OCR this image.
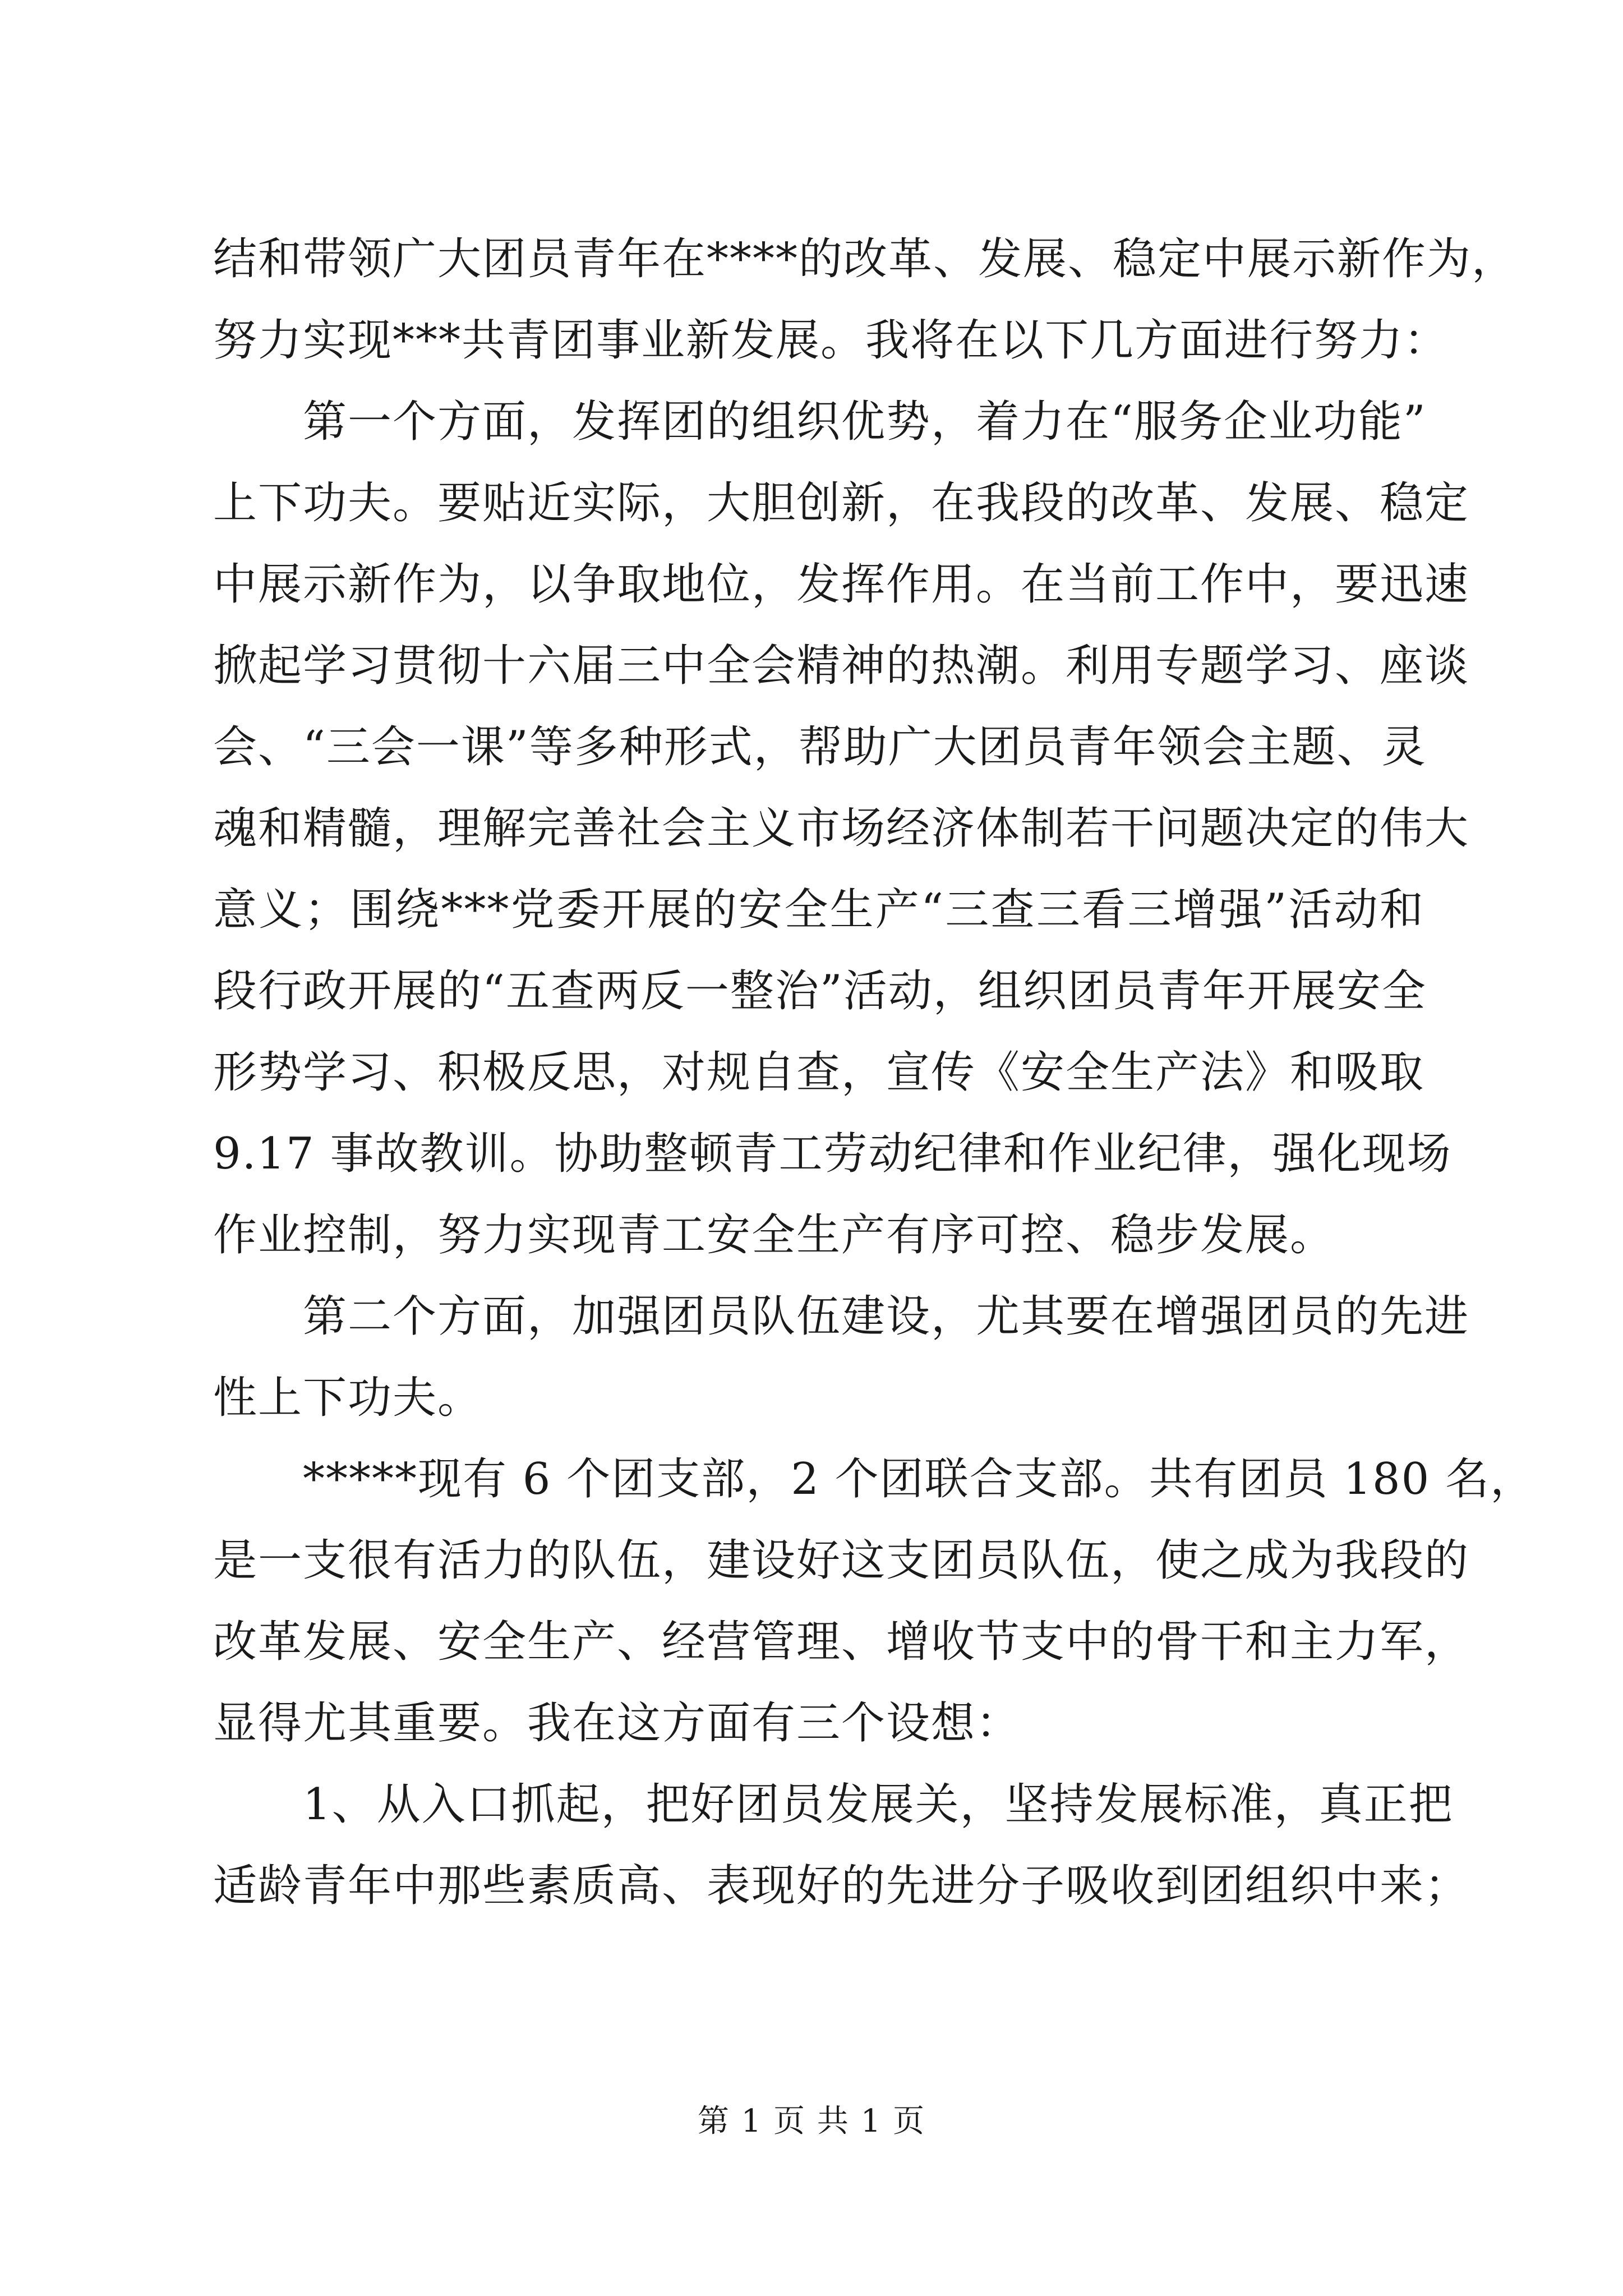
结和带领广大团员青年在****的改革、发展、稳定中展示新作为，
努力实现***共青团事业新发展。我将在以下几方面进行努力：
第一个方面，发挥团的组织优势，着力在“服务企业功能”
上下功夫。要贴近实际，大胆创新，在我段的改革、发展、稳定
中展示新作为，以争取地位，发挥作用。在当前工作中，要迅速
掀起学习贯彻十六届三中全会精神的热潮。利用专题学习、座谈
会、“三会一课”等多种形式，帮助广大团员青年领会主题、灵
魂和精髓，理解完善社会主义市场经济体制若干问题决定的伟大
意义；围绕***党委开展的安全生产“三查三看三增强”活动和
段行政开展的“五查两反一整治”活动，组织团员青年开展安全
形势学习、积极反思，对规自查，宣传《安全生产法》和吸取
9.17 事故教训。协助整顿青工劳动纪律和作业纪律，强化现场
作业控制，努力实现青工安全生产有序可控、稳步发展。
第二个方面，加强团员队伍建设，尤其要在增强团员的先进
性上下功夫。
*****现有 6 个团支部，2 个团联合支部。共有团员 180 名，
是一支很有活力的队伍，建设好这支团员队伍，使之成为我段的
改革发展、安全生产、经营管理、增收节支中的骨干和主力军，
显得尤其重要。我在这方面有三个设想：
1、从入口抓起，把好团员发展关，坚持发展标准，真正把
适龄青年中那些素质高、表现好的先进分子吸收到团组织中来；
第 1 页 共 1 页
